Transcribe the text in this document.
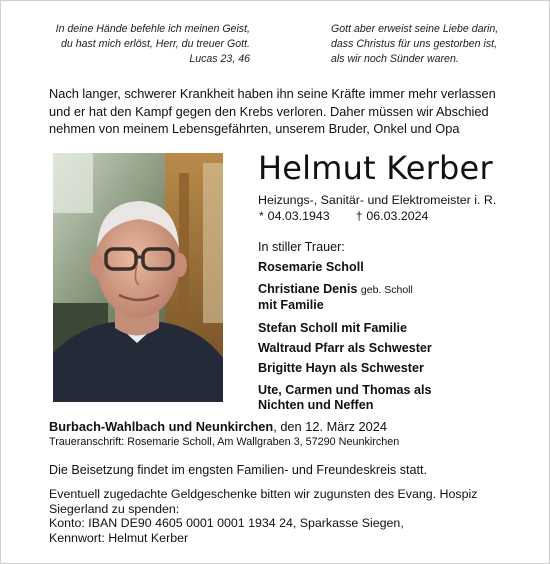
In deine Hände befehle ich meinen Geist,
du hast mich erlöst, Herr, du treuer Gott.
Lucas 23, 46
Gott aber erweist seine Liebe darin,
dass Christus für uns gestorben ist,
als wir noch Sünder waren.
Nach langer, schwerer Krankheit haben ihn seine Kräfte immer mehr verlassen
und er hat den Kampf gegen den Krebs verloren. Daher müssen wir Abschied
nehmen von meinem Lebensgefährten, unserem Bruder, Onkel und Opa
Helmut Kerber
Heizungs-, Sanitär- und Elektromeister i. R.
* 04.03.1943 † 06.03.2024
In stiller Trauer:
Rosemarie Scholl
Christiane Denis geb. Scholl
mit Familie
Stefan Scholl mit Familie
Waltraud Pfarr als Schwester
Brigitte Hayn als Schwester
Ute, Carmen und Thomas als
Nichten und Neffen
Burbach-Wahlbach und Neunkirchen, den 12. März 2024
Traueranschrift: Rosemarie Scholl, Am Wallgraben 3, 57290 Neunkirchen
Die Beisetzung findet im engsten Familien- und Freundeskreis statt.
Eventuell zugedachte Geldgeschenke bitten wir zugunsten des Evang. Hospiz
Siegerland zu spenden:
Konto: IBAN DE90 4605 0001 0001 1934 24, Sparkasse Siegen,
Kennwort: Helmut Kerber
